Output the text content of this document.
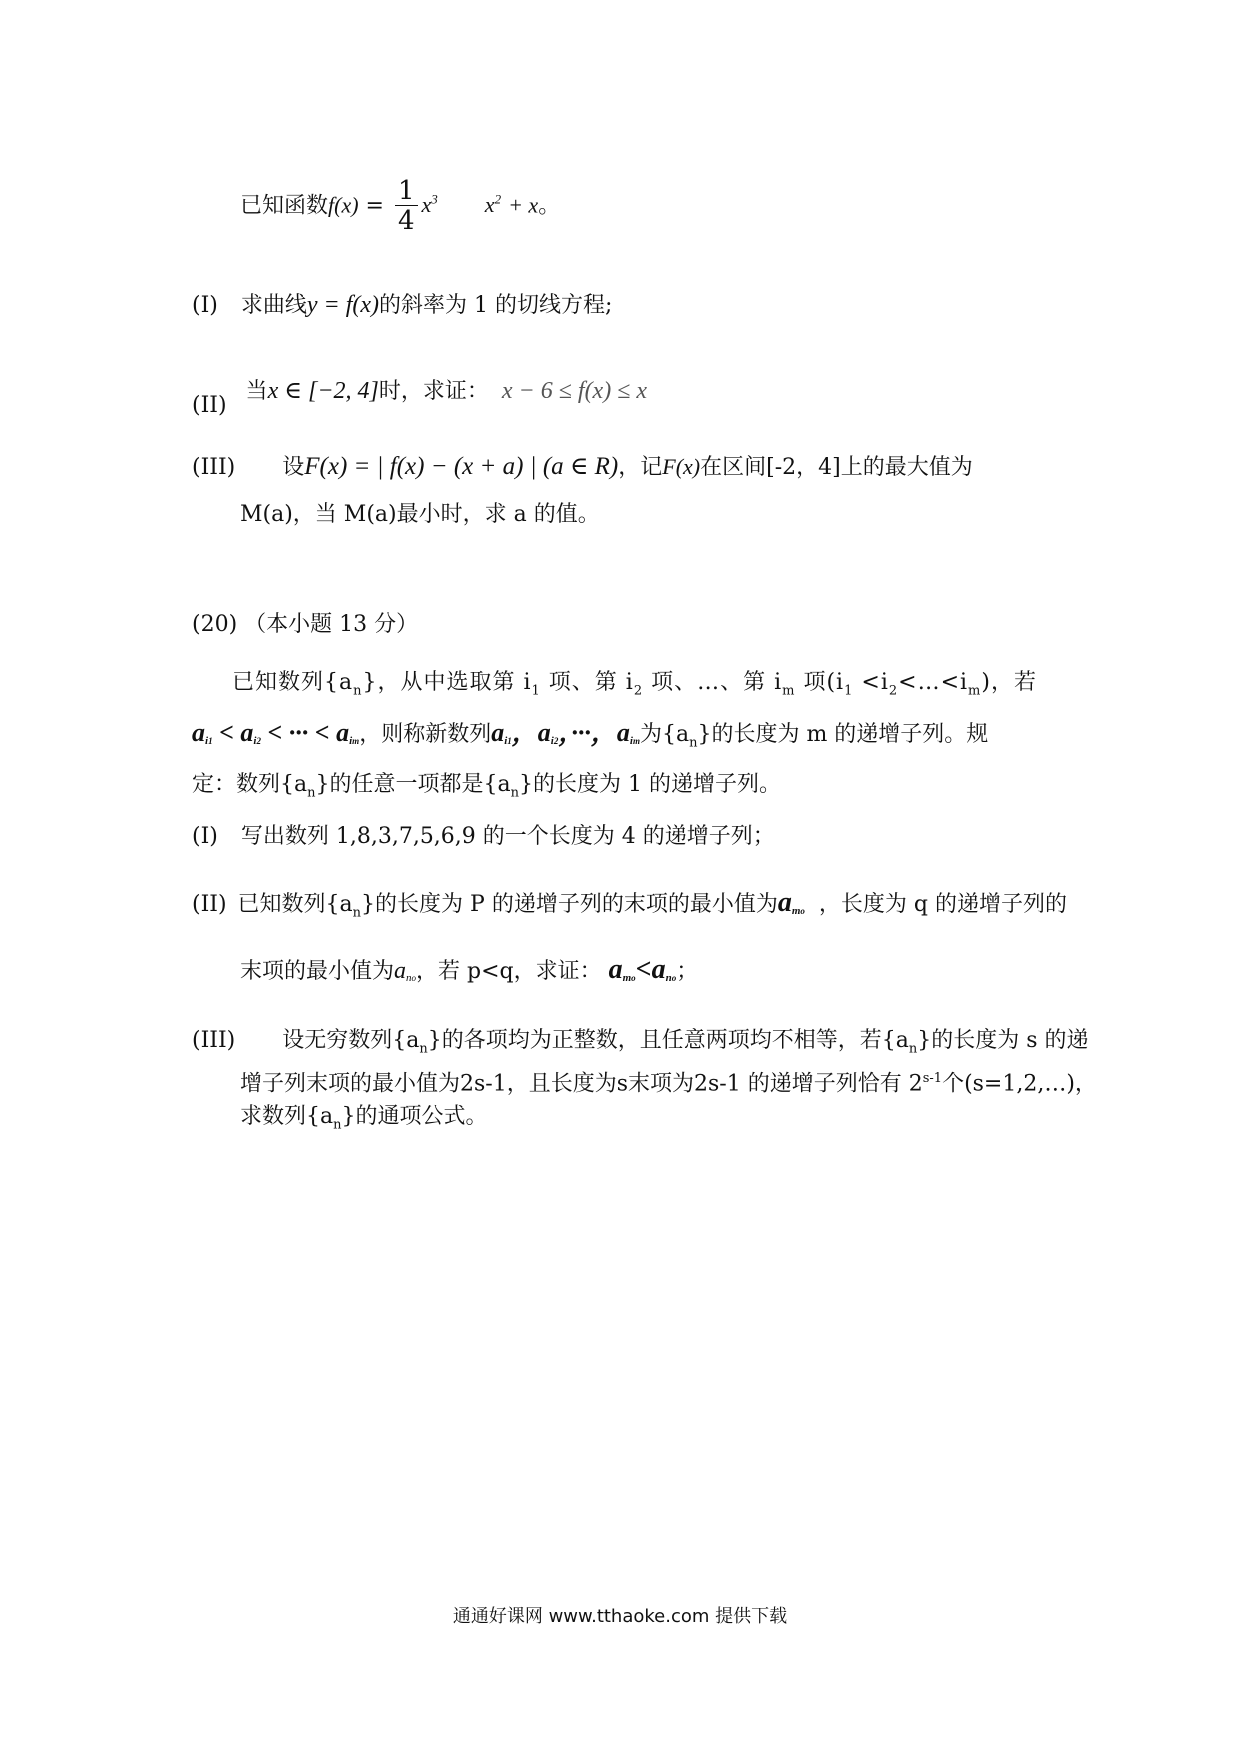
已知函数$f(x) = \frac{1}{4} x^3$ $x^2 + x$。
(I) 求曲线y = f(x)的斜率为 1 的切线方程;
(II) 当x ∈ [−2, 4]时，求证： x − 6 ≤ f(x) ≤ x
(III) 设F(x) = | f(x) − (x + a) | (a ∈ R)，记F(x)在区间[-2，4]上的最大值为
M(a)，当 M(a)最小时，求 a 的值。
(20) （本小题 13 分）
已知数列$\{a_n\}$，从中选取第 $i_1$ 项、第 $i_2$ 项、…、第 $i_m$ 项($i_1$ $<i_2<\dots<i_m$)，若
$a_{i1} < a_{i2}$ < ··· < $a_{im}$，则称新数列$a_{i1}$，$a_{i2}$，···，$a_{im}$为$\{a_n\}$的长度为 m 的递增子列。规
定：数列$\{a_n\}$的任意一项都是$\{a_n\}$的长度为 1 的递增子列。
(I) 写出数列 1,8,3,7,5,6,9 的一个长度为 4 的递增子列；
(II) 已知数列$\{a_n\}$的长度为 P 的递增子列的末项的最小值为$a_{mo}$ ，长度为 q 的递增子列的
末项的最小值为$a_{no}$，若 p<q，求证： $a_{mo}<a_{no}$；
(III) 设无穷数列$\{a_n\}$的各项均为正整数，且任意两项均不相等，若$\{a_n\}$的长度为 s 的递
增子列末项的最小值为2s-1，且长度为s末项为2s-1 的递增子列恰有 2$^{s-1}$个(s=1,2,…)，
求数列$\{a_n\}$的通项公式。
通通好课网 www.tthaoke.com 提供下载
